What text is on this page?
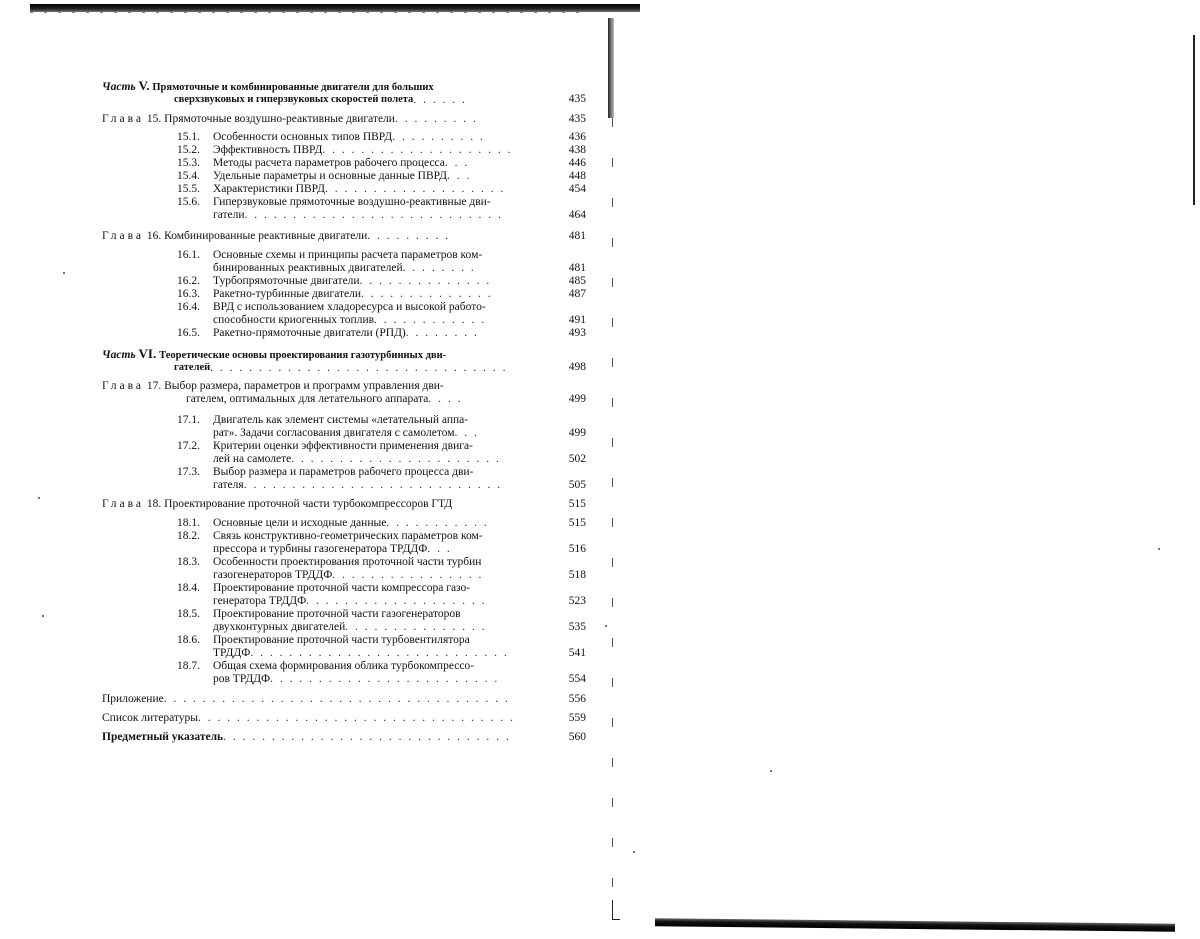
Часть V. Прямоточные и комбинированные двигатели для больших
сверхзвуковых и гиперзвуковых скоростей полета. . . . . .	435
Глава 15. Прямоточные воздушно-реактивные двигатели. . . . . . . . .	435
15.1. Особенности основных типов ПВРД. . . . . . . . . .	436
15.2. Эффективность ПВРД. . . . . . . . . . . . . . . . . . . .	438
15.3. Методы расчета параметров рабочего процесса. . .	446
15.4. Удельные параметры и основные данные ПВРД. . .	448
15.5. Характеристики ПВРД. . . . . . . . . . . . . . . . . . .	454
15.6. Гиперзвуковые прямоточные воздушно-реактивные дви-
гатели. . . . . . . . . . . . . . . . . . . . . . . . . . .	464
Глава 16. Комбинированные реактивные двигатели. . . . . . . . .	481
16.1. Основные схемы и принципы расчета параметров ком-
бинированных реактивных двигателей. . . . . . . .	481
16.2. Турбопрямоточные двигатели. . . . . . . . . . . . . .	485
16.3. Ракетно-турбинные двигатели. . . . . . . . . . . . . .	487
16.4. ВРД с использованием хладоресурса и высокой работо-
способности криогенных топлив. . . . . . . . . . . .	491
16.5. Ракетно-прямоточные двигатели (РПД). . . . . . . .	493
Часть VI. Теоретические основы проектирования газотурбинных дви-
гателей. . . . . . . . . . . . . . . . . . . . . . . . . . . . . . .	498
Глава 17. Выбор размера, параметров и программ управления дви-
гателем, оптимальных для летательного аппарата. . . .	499
17.1. Двигатель как элемент системы «летательный аппа-
рат». Задачи согласования двигателя с самолетом. . .	499
17.2. Критерии оценки эффективности применения двига-
лей на самолете. . . . . . . . . . . . . . . . . . . . . .	502
17.3. Выбор размера и параметров рабочего процесса дви-
гателя. . . . . . . . . . . . . . . . . . . . . . . . . . .	505
Глава 18. Проектирование проточной части турбокомпрессоров ГТД	515
18.1. Основные цели и исходные данные. . . . . . . . . . .	515
18.2. Связь конструктивно-геометрических параметров ком-
прессора и турбины газогенератора ТРДДФ. . .	516
18.3. Особенности проектирования проточной части турбин
газогенераторов ТРДДФ. . . . . . . . . . . . . . . .	518
18.4. Проектирование проточной части компрессора газо-
генератора ТРДДФ. . . . . . . . . . . . . . . . . . .	523
18.5. Проектирование проточной части газогенераторов
двухконтурных двигателей. . . . . . . . . . . . . . .	535
18.6. Проектирование проточной части турбовентилятора
ТРДДФ. . . . . . . . . . . . . . . . . . . . . . . . . . .	541
18.7. Общая схема формирования облика турбокомпрессо-
ров ТРДДФ. . . . . . . . . . . . . . . . . . . . . . . .	554
Приложение. . . . . . . . . . . . . . . . . . . . . . . . . . . . . . . . . . . .	556
Список литературы. . . . . . . . . . . . . . . . . . . . . . . . . . . . . . . . .	559
Предметный указатель. . . . . . . . . . . . . . . . . . . . . . . . . . . . . .	560
